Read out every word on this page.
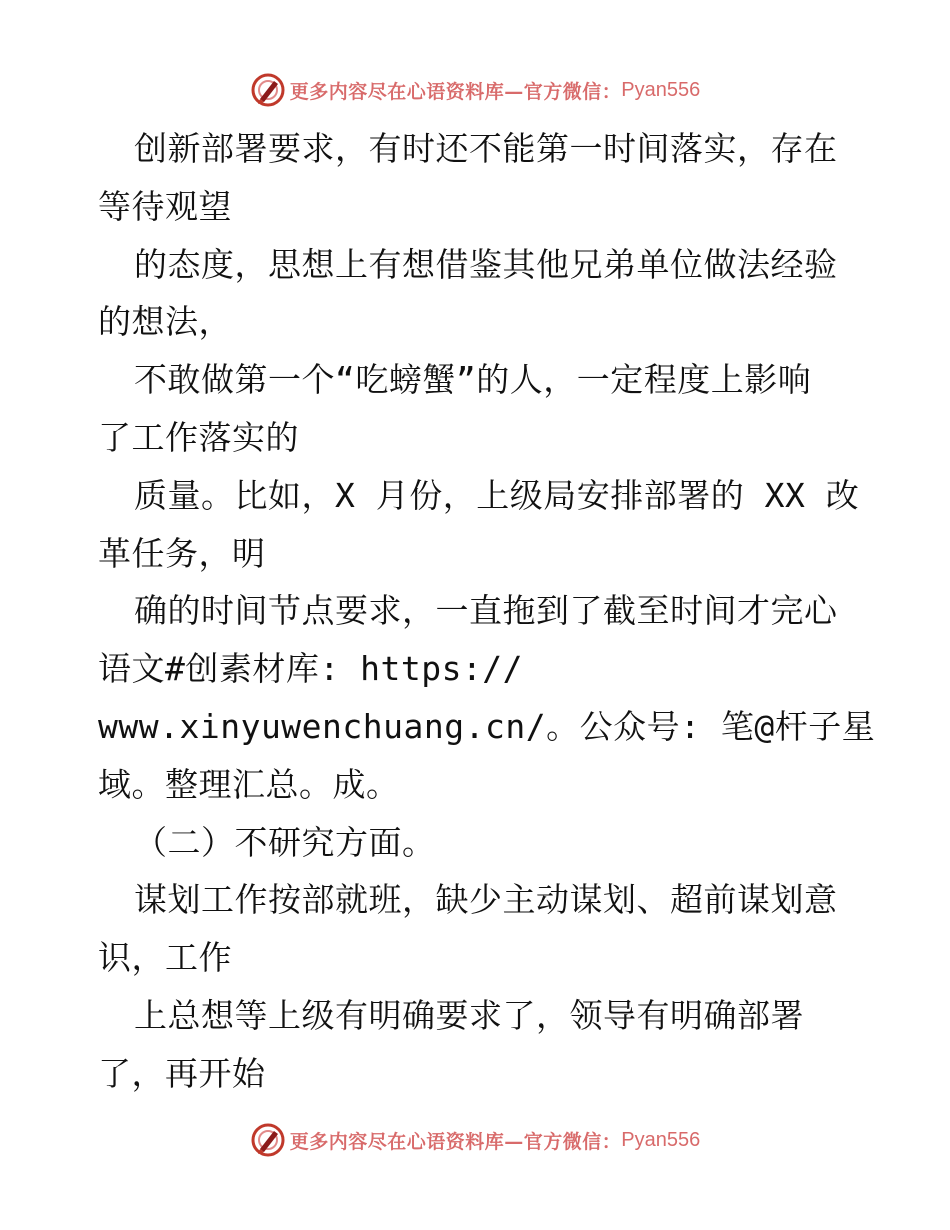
更多内容尽在心语资料库—官方微信： Pyan556
创新部署要求，有时还不能第一时间落实，存在
等待观望
的态度，思想上有想借鉴其他兄弟单位做法经验
的想法，
不敢做第一个“吃螃蟹”的人，一定程度上影响
了工作落实的
质量。比如，X 月份，上级局安排部署的 XX 改
革任务，明
确的时间节点要求，一直拖到了截至时间才完心
语文#创素材库: https://
www.xinyuwenchuang.cn/。公众号: 笔@杆子星
域。整理汇总。成。
（二）不研究方面。
谋划工作按部就班，缺少主动谋划、超前谋划意
识，工作
上总想等上级有明确要求了，领导有明确部署
了，再开始
更多内容尽在心语资料库—官方微信： Pyan556
